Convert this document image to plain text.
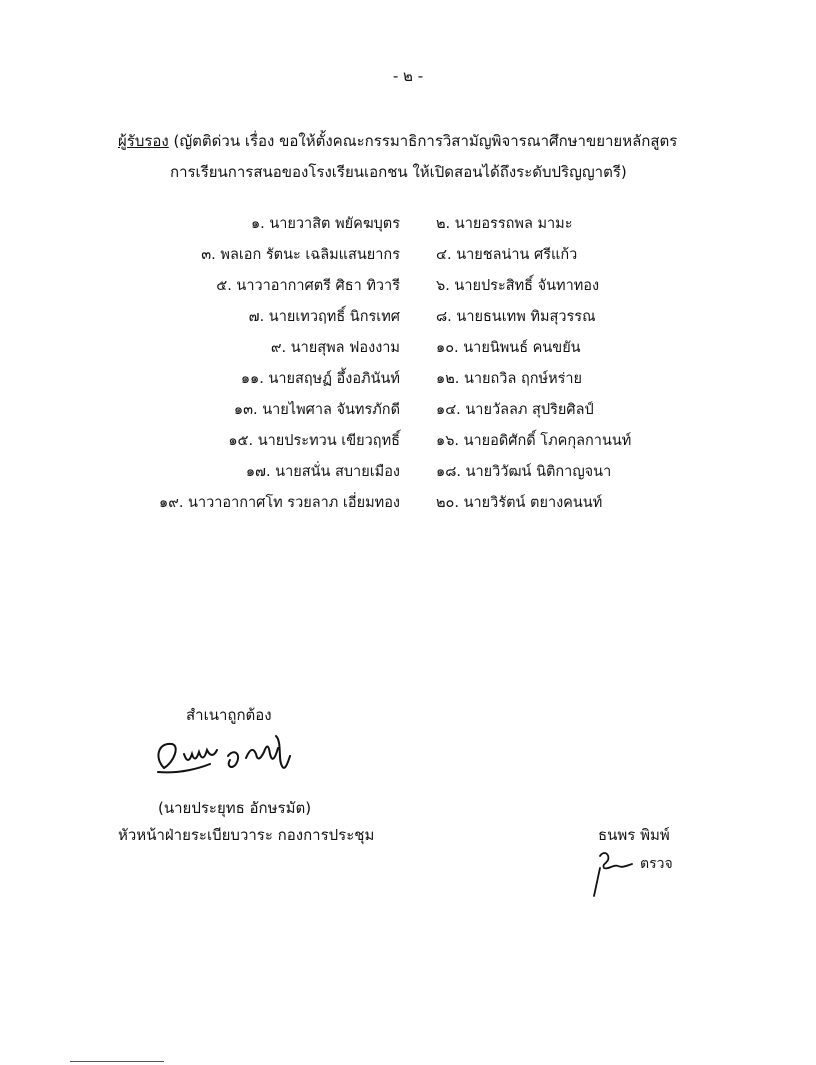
- ๒ -
ผู้รับรอง (ญัตติด่วน เรื่อง ขอให้ตั้งคณะกรรมาธิการวิสามัญพิจารณาศึกษาขยายหลักสูตร
การเรียนการสนอของโรงเรียนเอกชน ให้เปิดสอนได้ถึงระดับปริญญาตรี)
๑. นายวาสิต พยัคฆบุตร ๒. นายอรรถพล มามะ
๓. พลเอก รัตนะ เฉลิมแสนยากร ๔. นายชลน่าน ศรีแก้ว
๕. นาวาอากาศตรี ศิธา ทิวารี ๖. นายประสิทธิ์ จันทาทอง
๗. นายเทวฤทธิ์ นิกรเทศ ๘. นายธนเทพ ทิมสุวรรณ
๙. นายสุพล ฟองงาม ๑๐. นายนิพนธ์ คนขยัน
๑๑. นายสฤษฏ์ อึ้งอภินันท์ ๑๒. นายถวิล ฤกษ์หร่าย
๑๓. นายไพศาล จันทรภักดี ๑๔. นายวัลลภ สุปริยศิลป์
๑๕. นายประทวน เขียวฤทธิ์ ๑๖. นายอดิศักดิ์ โภคกุลกานนท์
๑๗. นายสนั่น สบายเมือง ๑๘. นายวิวัฒน์ นิติกาญจนา
๑๙. นาวาอากาศโท รวยลาภ เอี่ยมทอง ๒๐. นายวิรัตน์ ตยางคนนท์
สำเนาถูกต้อง
(นายประยุทธ อักษรมัต)
หัวหน้าฝ่ายระเบียบวาระ กองการประชุม	ธนพร พิมพ์
ตรวจ
